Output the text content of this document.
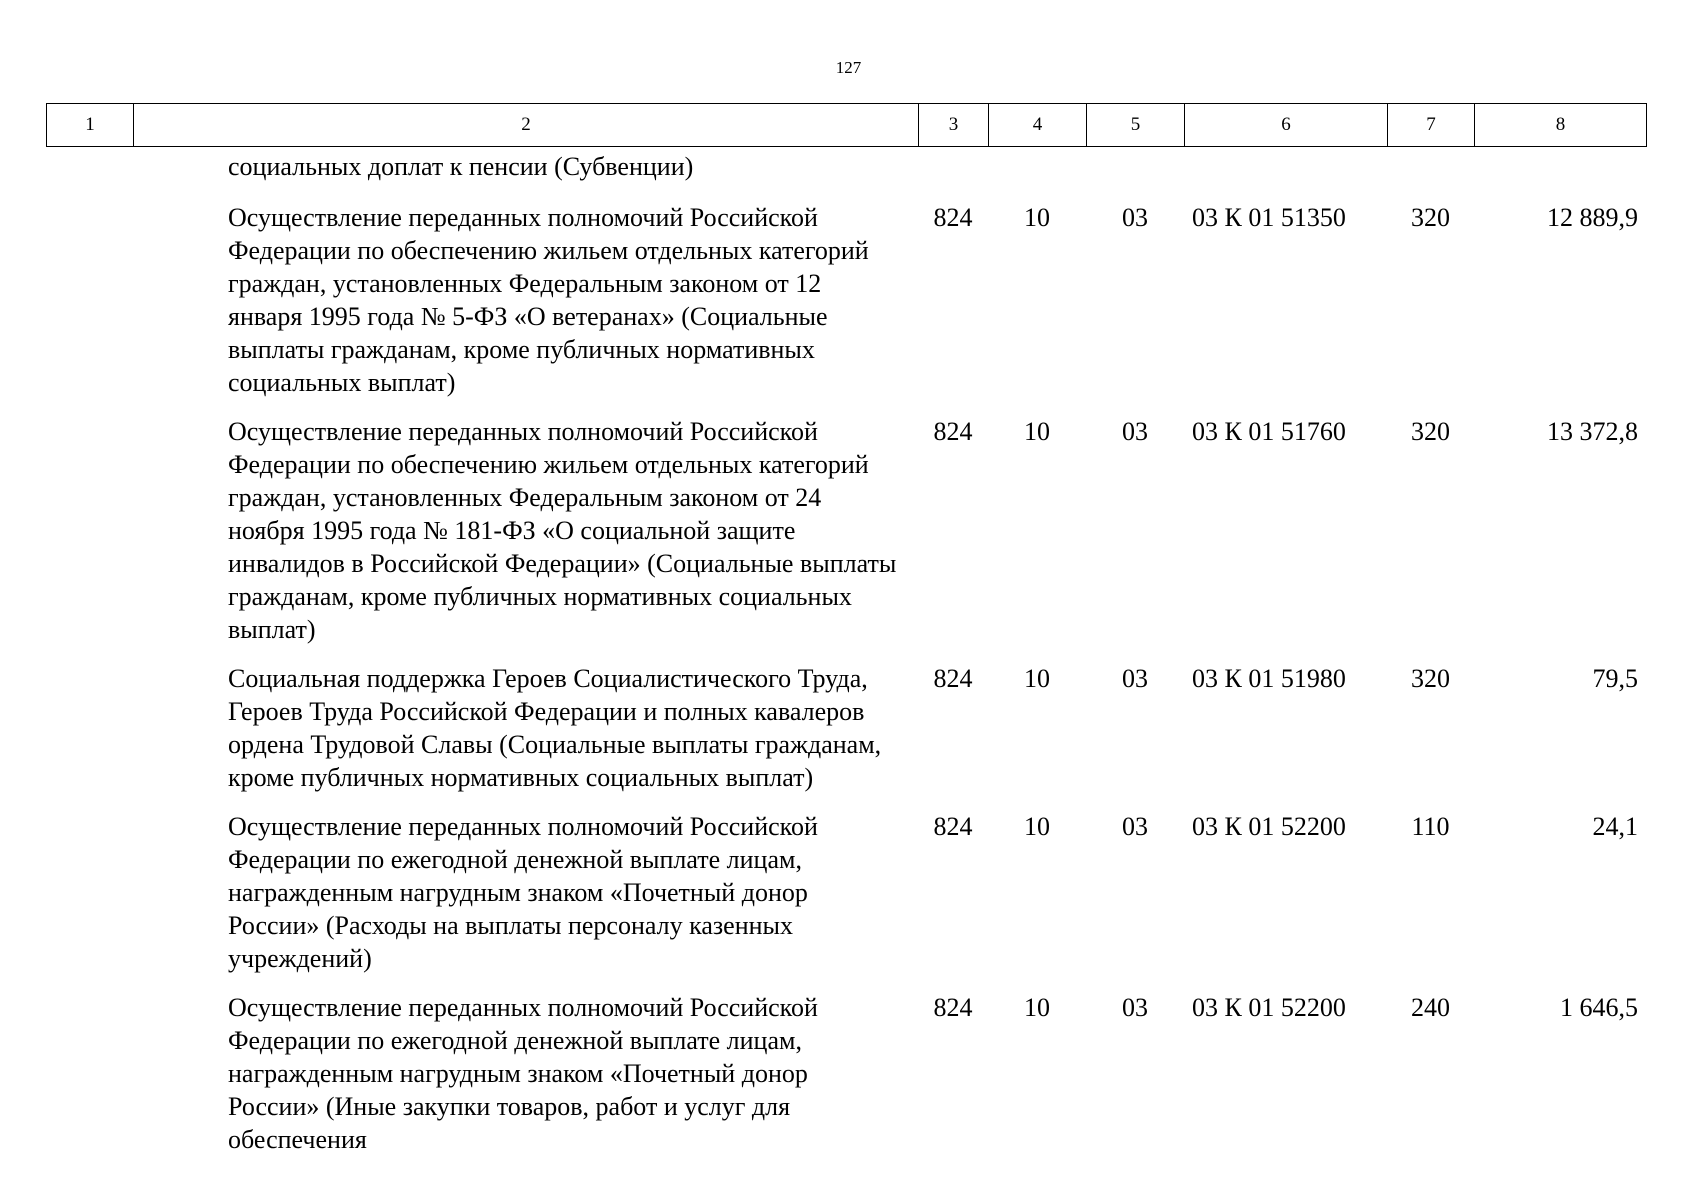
127
1	2	3	4	5	6	7	8
	социальных доплат к пенсии (Субвенции)						
	Осуществление переданных полномочий Российской Федерации по обеспечению жильем отдельных категорий граждан, установленных Федеральным законом от 12 января 1995 года № 5-ФЗ «О ветеранах» (Социальные выплаты гражданам, кроме публичных нормативных социальных выплат)	824	10	03	03 К 01 51350	320	12 889,9
	Осуществление переданных полномочий Российской Федерации по обеспечению жильем отдельных категорий граждан, установленных Федеральным законом от 24 ноября 1995 года № 181-ФЗ «О социальной защите инвалидов в Российской Федерации» (Социальные выплаты гражданам, кроме публичных нормативных социальных выплат)	824	10	03	03 К 01 51760	320	13 372,8
	Социальная поддержка Героев Социалистического Труда, Героев Труда Российской Федерации и полных кавалеров ордена Трудовой Славы (Социальные выплаты гражданам, кроме публичных нормативных социальных выплат)	824	10	03	03 К 01 51980	320	79,5
	Осуществление переданных полномочий Российской Федерации по ежегодной денежной выплате лицам, награжденным нагрудным знаком «Почетный донор России» (Расходы на выплаты персоналу казенных учреждений)	824	10	03	03 К 01 52200	110	24,1
	Осуществление переданных полномочий Российской Федерации по ежегодной денежной выплате лицам, награжденным нагрудным знаком «Почетный донор России» (Иные закупки товаров, работ и услуг для обеспечения	824	10	03	03 К 01 52200	240	1 646,5
